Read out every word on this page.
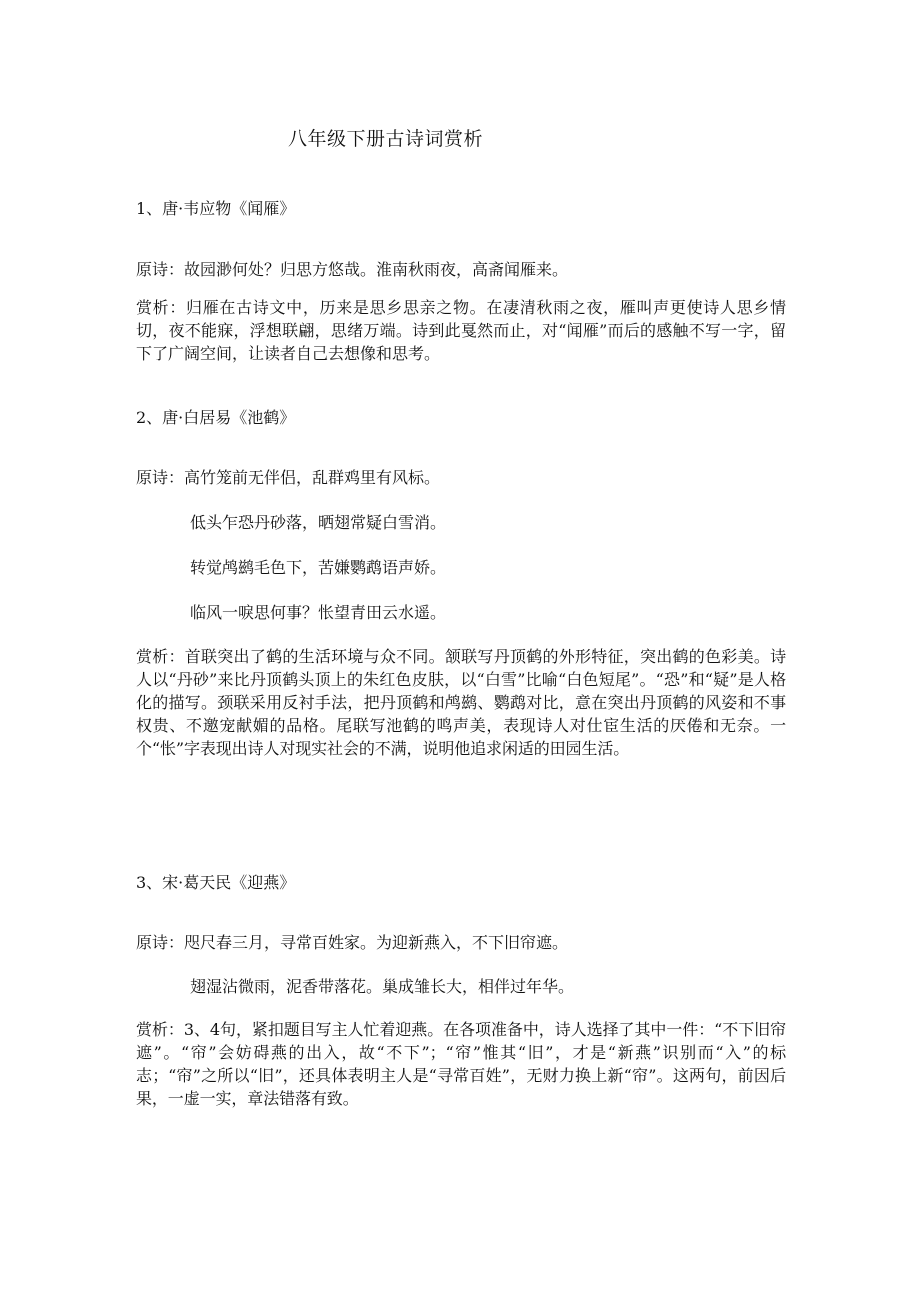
八年级下册古诗词赏析
1、唐·韦应物《闻雁》
原诗：故园渺何处？归思方悠哉。淮南秋雨夜，高斋闻雁来。
赏析：归雁在古诗文中，历来是思乡思亲之物。在凄清秋雨之夜，雁叫声更使诗人思乡情切，夜不能寐，浮想联翩，思绪万端。诗到此戛然而止，对“闻雁”而后的感触不写一字，留下了广阔空间，让读者自己去想像和思考。
2、唐·白居易《池鹤》
原诗：高竹笼前无伴侣，乱群鸡里有风标。
低头乍恐丹砂落，晒翅常疑白雪消。
转觉鸬鹚毛色下，苦嫌鹦鹉语声娇。
临风一唳思何事？怅望青田云水遥。
赏析：首联突出了鹤的生活环境与众不同。颔联写丹顶鹤的外形特征，突出鹤的色彩美。诗人以“丹砂”来比丹顶鹤头顶上的朱红色皮肤，以“白雪”比喻“白色短尾”。“恐”和“疑”是人格化的描写。颈联采用反衬手法，把丹顶鹤和鸬鹚、鹦鹉对比，意在突出丹顶鹤的风姿和不事权贵、不邀宠献媚的品格。尾联写池鹤的鸣声美，表现诗人对仕宦生活的厌倦和无奈。一个“怅”字表现出诗人对现实社会的不满，说明他追求闲适的田园生活。
3、宋·葛天民《迎燕》
原诗：咫尺春三月，寻常百姓家。为迎新燕入，不下旧帘遮。
翅湿沾微雨，泥香带落花。巢成雏长大，相伴过年华。
赏析：3、4句，紧扣题目写主人忙着迎燕。在各项准备中，诗人选择了其中一件：“不下旧帘遮”。“帘”会妨碍燕的出入，故“不下”；“帘”惟其“旧”，才是“新燕”识别而“入”的标志；“帘”之所以“旧”，还具体表明主人是“寻常百姓”，无财力换上新“帘”。这两句，前因后果，一虚一实，章法错落有致。
